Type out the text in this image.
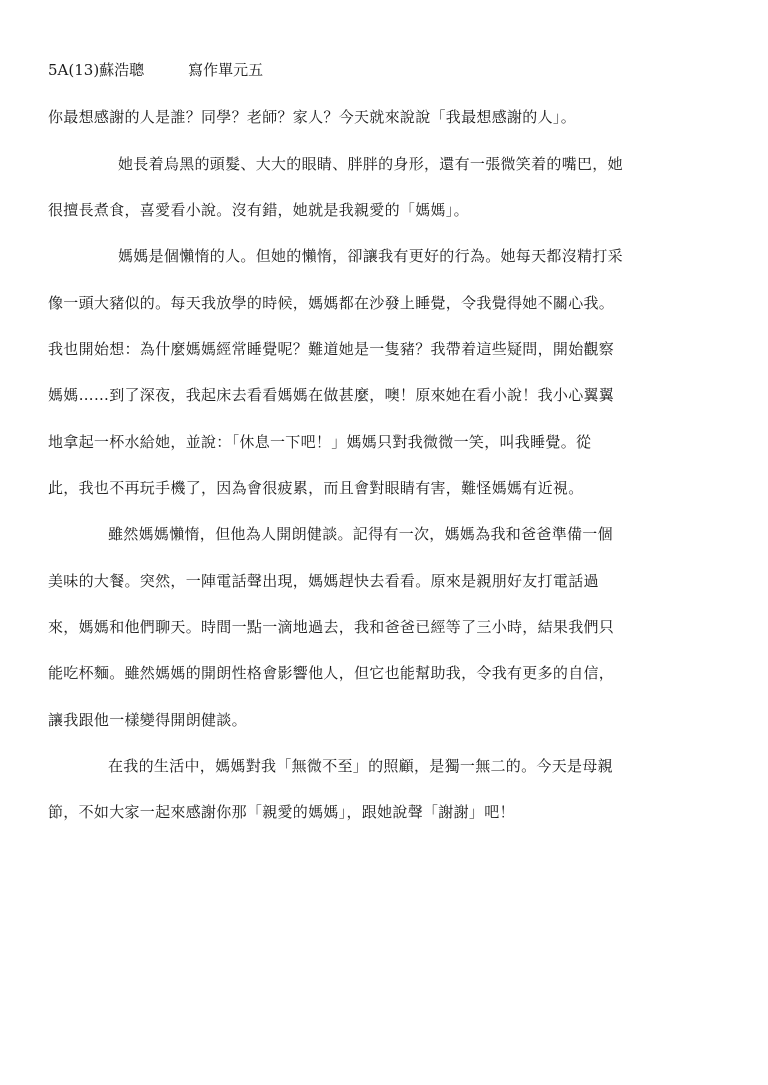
5A(13)蘇浩聰	寫作單元五
你最想感謝的人是誰？同學？老師？家人？今天就來說說「我最想感謝的人」。
她長着烏黑的頭髮、大大的眼睛、胖胖的身形，還有一張微笑着的嘴巴，她
很擅長煮食，喜愛看小說。沒有錯，她就是我親愛的「媽媽」。
媽媽是個懶惰的人。但她的懶惰，卻讓我有更好的行為。她每天都沒精打采
像一頭大豬似的。每天我放學的時候，媽媽都在沙發上睡覺，令我覺得她不關心我。
我也開始想：為什麼媽媽經常睡覺呢？難道她是一隻豬？我帶着這些疑問，開始觀察
媽媽……到了深夜，我起床去看看媽媽在做甚麼，噢！原來她在看小說！我小心翼翼
地拿起一杯水給她，並說：「休息一下吧！」媽媽只對我微微一笑，叫我睡覺。從
此，我也不再玩手機了，因為會很疲累，而且會對眼睛有害，難怪媽媽有近視。
雖然媽媽懶惰，但他為人開朗健談。記得有一次，媽媽為我和爸爸準備一個
美味的大餐。突然，一陣電話聲出現，媽媽趕快去看看。原來是親朋好友打電話過
來，媽媽和他們聊天。時間一點一滴地過去，我和爸爸已經等了三小時，結果我們只
能吃杯麵。雖然媽媽的開朗性格會影響他人，但它也能幫助我，令我有更多的自信，
讓我跟他一樣變得開朗健談。
在我的生活中，媽媽對我「無微不至」的照顧，是獨一無二的。今天是母親
節，不如大家一起來感謝你那「親愛的媽媽」，跟她說聲「謝謝」吧！
